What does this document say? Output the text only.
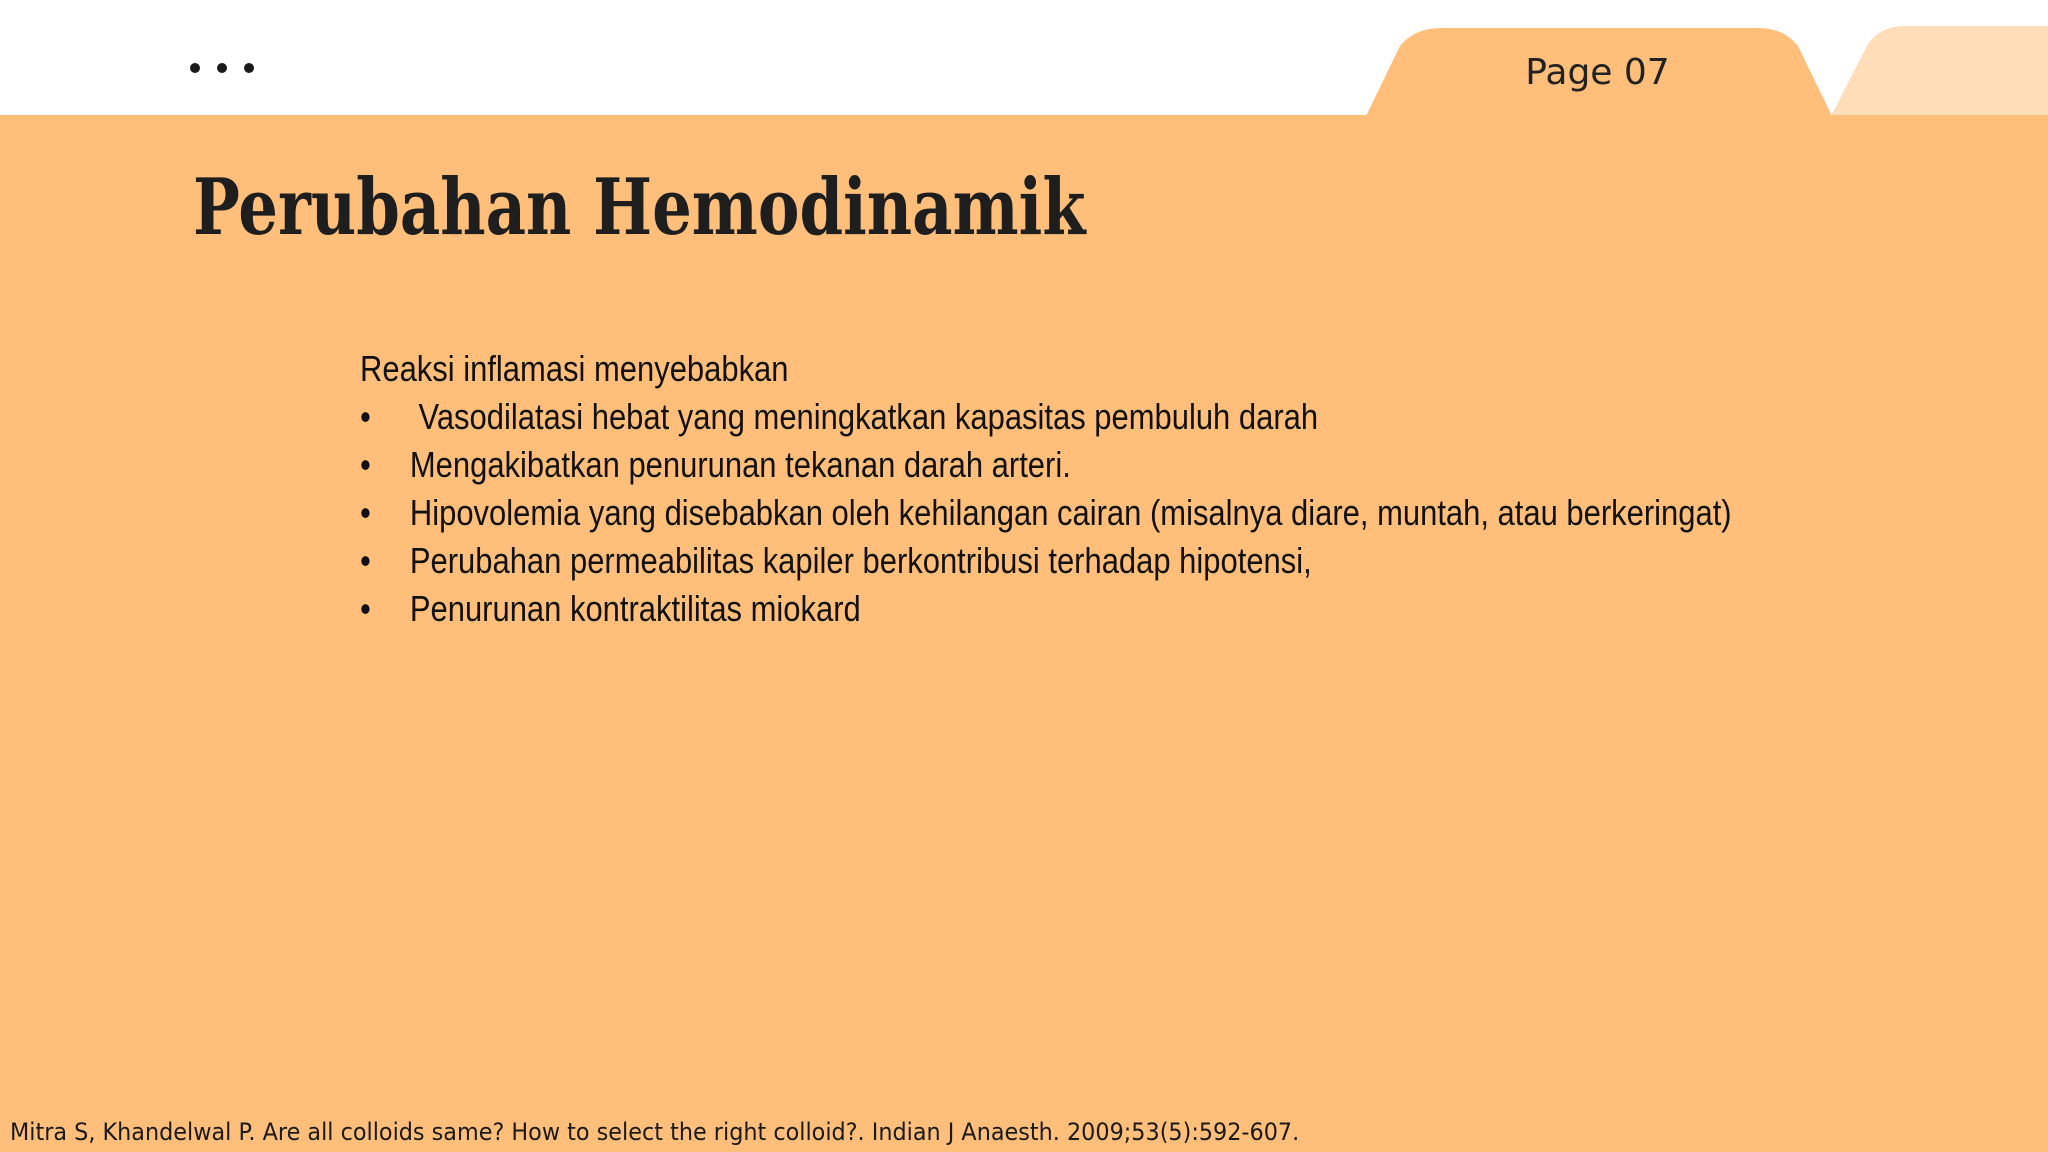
Page 07
Perubahan Hemodinamik
Reaksi inflamasi menyebabkan
• Vasodilatasi hebat yang meningkatkan kapasitas pembuluh darah
• Mengakibatkan penurunan tekanan darah arteri.
• Hipovolemia yang disebabkan oleh kehilangan cairan (misalnya diare, muntah, atau berkeringat)
• Perubahan permeabilitas kapiler berkontribusi terhadap hipotensi,
• Penurunan kontraktilitas miokard
Mitra S, Khandelwal P. Are all colloids same? How to select the right colloid?. Indian J Anaesth. 2009;53(5):592-607.
